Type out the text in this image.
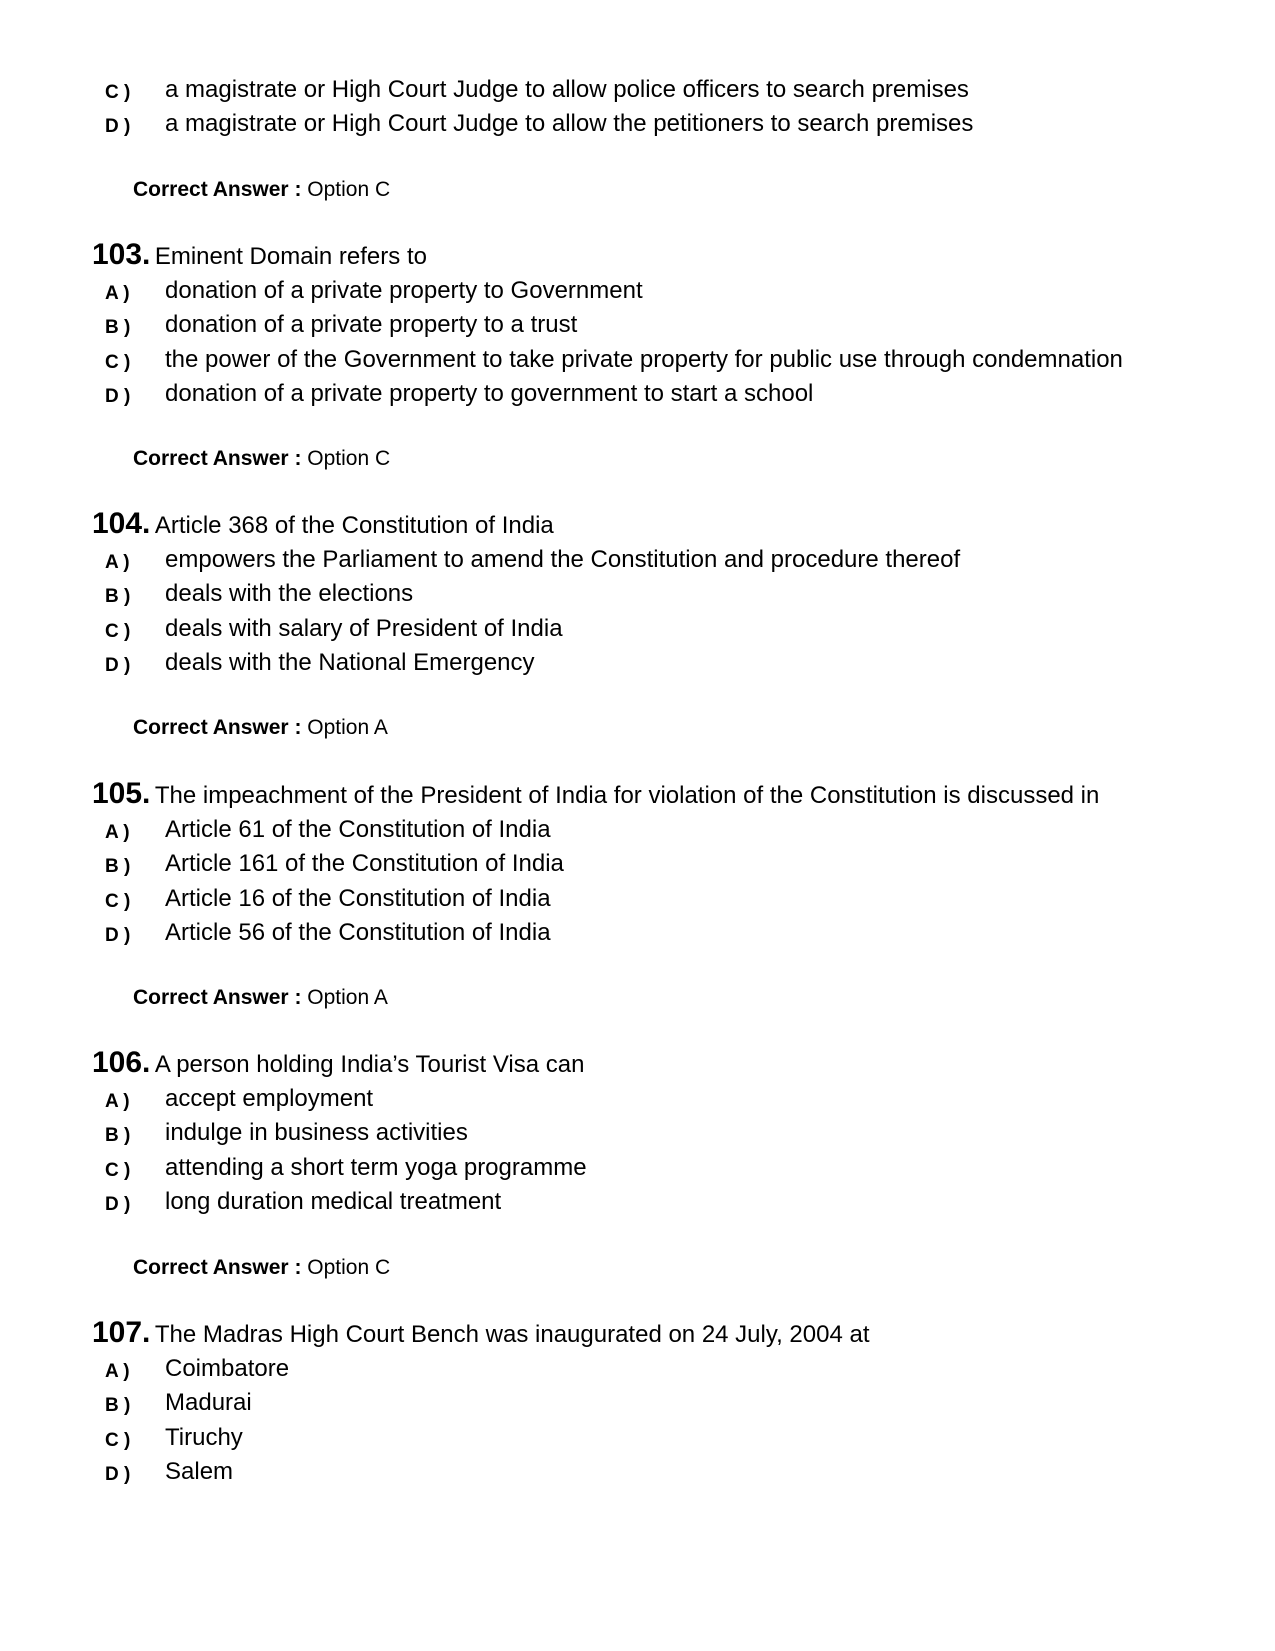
C ) a magistrate or High Court Judge to allow police officers to search premises
D ) a magistrate or High Court Judge to allow the petitioners to search premises
Correct Answer : Option C
103. Eminent Domain refers to
A ) donation of a private property to Government
B ) donation of a private property to a trust
C ) the power of the Government to take private property for public use through condemnation
D ) donation of a private property to government to start a school
Correct Answer : Option C
104. Article 368 of the Constitution of India
A ) empowers the Parliament to amend the Constitution and procedure thereof
B ) deals with the elections
C ) deals with salary of President of India
D ) deals with the National Emergency
Correct Answer : Option A
105. The impeachment of the President of India for violation of the Constitution is discussed in
A ) Article 61 of the Constitution of India
B ) Article 161 of the Constitution of India
C ) Article 16 of the Constitution of India
D ) Article 56 of the Constitution of India
Correct Answer : Option A
106. A person holding India’s Tourist Visa can
A ) accept employment
B ) indulge in business activities
C ) attending a short term yoga programme
D ) long duration medical treatment
Correct Answer : Option C
107. The Madras High Court Bench was inaugurated on 24 July, 2004 at
A ) Coimbatore
B ) Madurai
C ) Tiruchy
D ) Salem
